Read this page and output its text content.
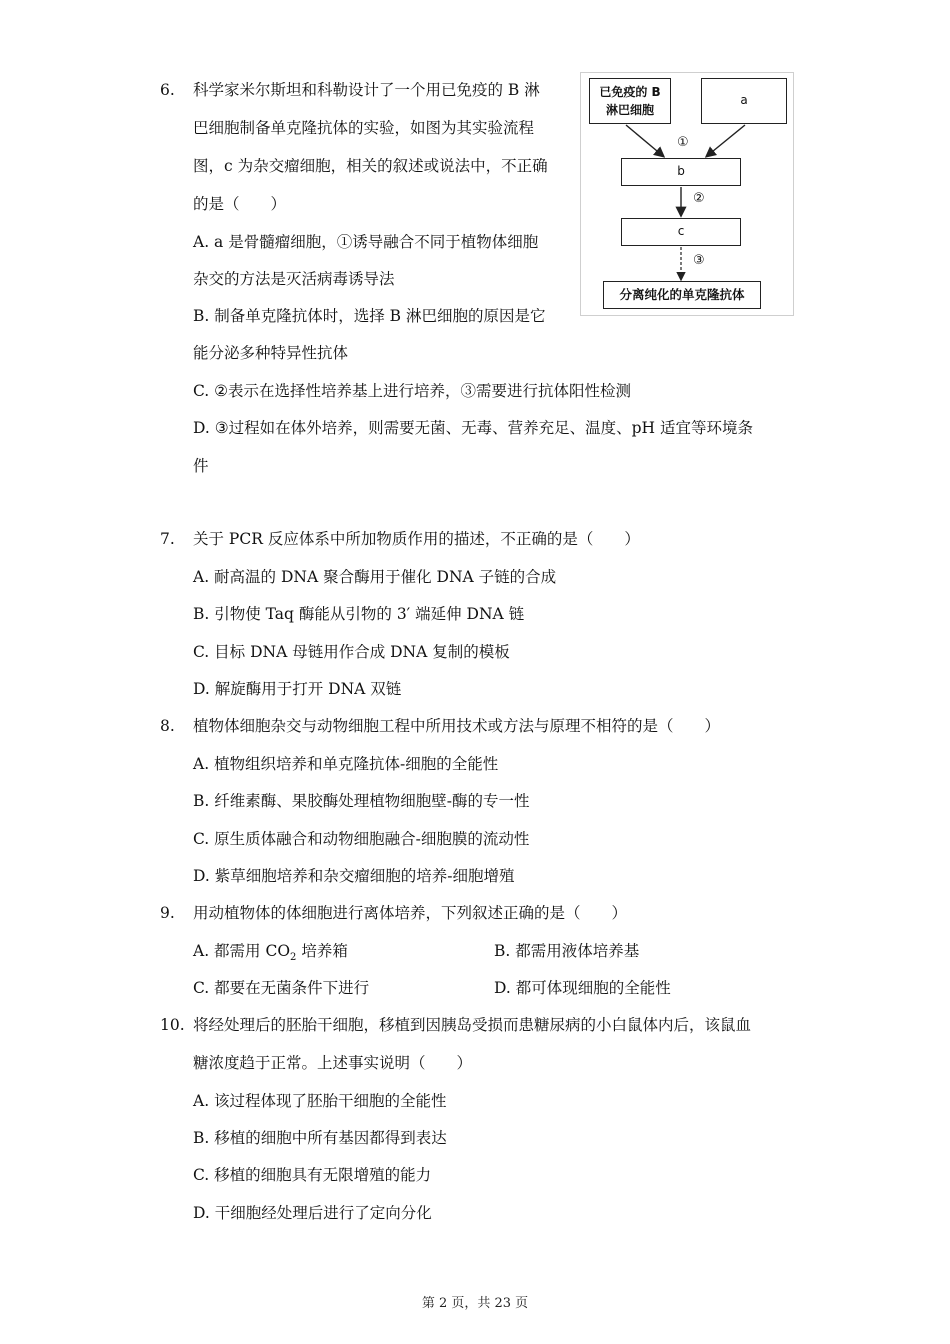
6. 科学家米尔斯坦和科勒设计了一个用已免疫的 B 淋
巴细胞制备单克隆抗体的实验，如图为其实验流程
图，c 为杂交瘤细胞，相关的叙述或说法中，不正确
的是（　　）
A. a 是骨髓瘤细胞，①诱导融合不同于植物体细胞
杂交的方法是灭活病毒诱导法
B. 制备单克隆抗体时，选择 B 淋巴细胞的原因是它
能分泌多种特异性抗体
C. ②表示在选择性培养基上进行培养，③需要进行抗体阳性检测
D. ③过程如在体外培养，则需要无菌、无毒、营养充足、温度、pH 适宜等环境条
件
已免疫的 B
淋巴细胞
a
①
b
②
c
③
分离纯化的单克隆抗体
7. 关于 PCR 反应体系中所加物质作用的描述，不正确的是（　　）
A. 耐高温的 DNA 聚合酶用于催化 DNA 子链的合成
B. 引物使 Taq 酶能从引物的 3′ 端延伸 DNA 链
C. 目标 DNA 母链用作合成 DNA 复制的模板
D. 解旋酶用于打开 DNA 双链
8. 植物体细胞杂交与动物细胞工程中所用技术或方法与原理不相符的是（　　）
A. 植物组织培养和单克隆抗体-细胞的全能性
B. 纤维素酶、果胶酶处理植物细胞壁-酶的专一性
C. 原生质体融合和动物细胞融合-细胞膜的流动性
D. 紫草细胞培养和杂交瘤细胞的培养-细胞增殖
9. 用动植物体的体细胞进行离体培养，下列叙述正确的是（　　）
A. 都需用 $CO_2$ 培养箱	B. 都需用液体培养基
C. 都要在无菌条件下进行	D. 都可体现细胞的全能性
10. 将经处理后的胚胎干细胞，移植到因胰岛受损而患糖尿病的小白鼠体内后，该鼠血
糖浓度趋于正常。上述事实说明（　　）
A. 该过程体现了胚胎干细胞的全能性
B. 移植的细胞中所有基因都得到表达
C. 移植的细胞具有无限增殖的能力
D. 干细胞经处理后进行了定向分化
第 2 页，共 23 页
